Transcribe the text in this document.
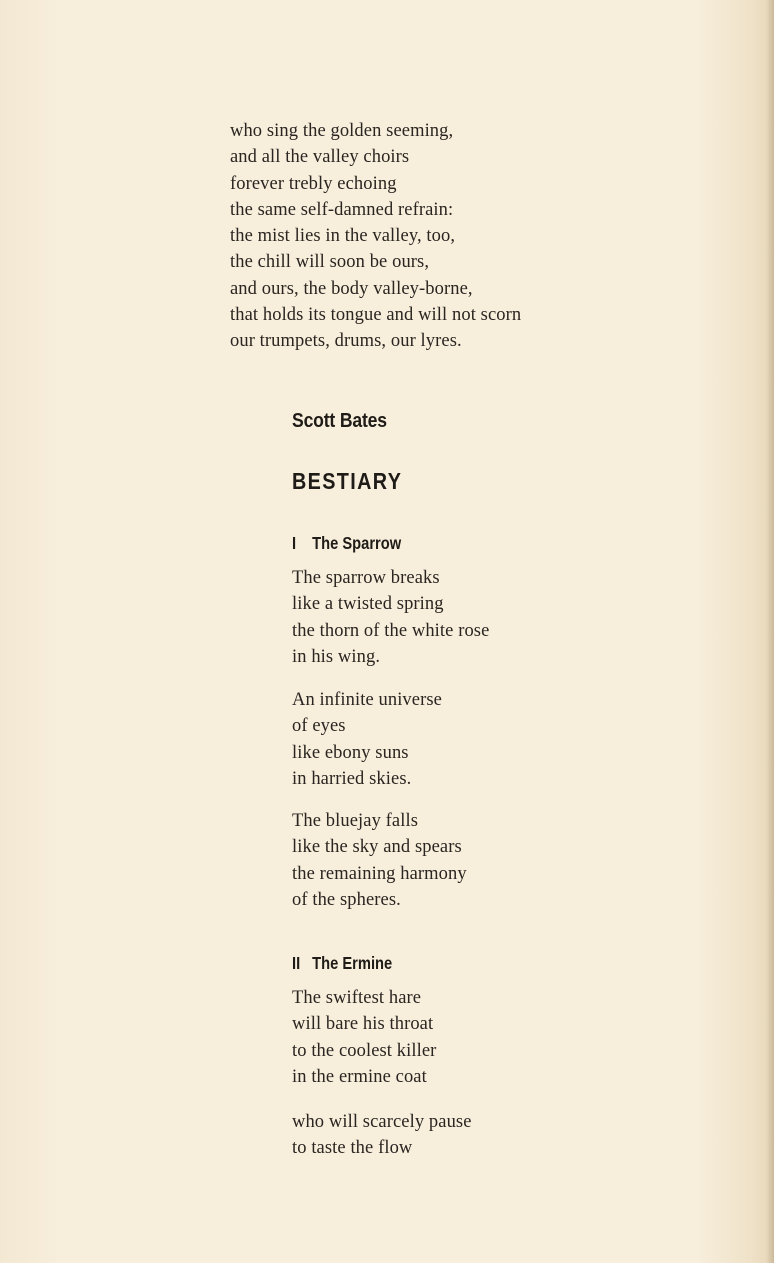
who sing the golden seeming,
and all the valley choirs
forever trebly echoing
the same self-damned refrain:
the mist lies in the valley, too,
the chill will soon be ours,
and ours, the body valley-borne,
that holds its tongue and will not scorn
our trumpets, drums, our lyres.
Scott Bates
BESTIARY
I The Sparrow
The sparrow breaks
like a twisted spring
the thorn of the white rose
in his wing.
An infinite universe
of eyes
like ebony suns
in harried skies.
The bluejay falls
like the sky and spears
the remaining harmony
of the spheres.
II The Ermine
The swiftest hare
will bare his throat
to the coolest killer
in the ermine coat
who will scarcely pause
to taste the flow
